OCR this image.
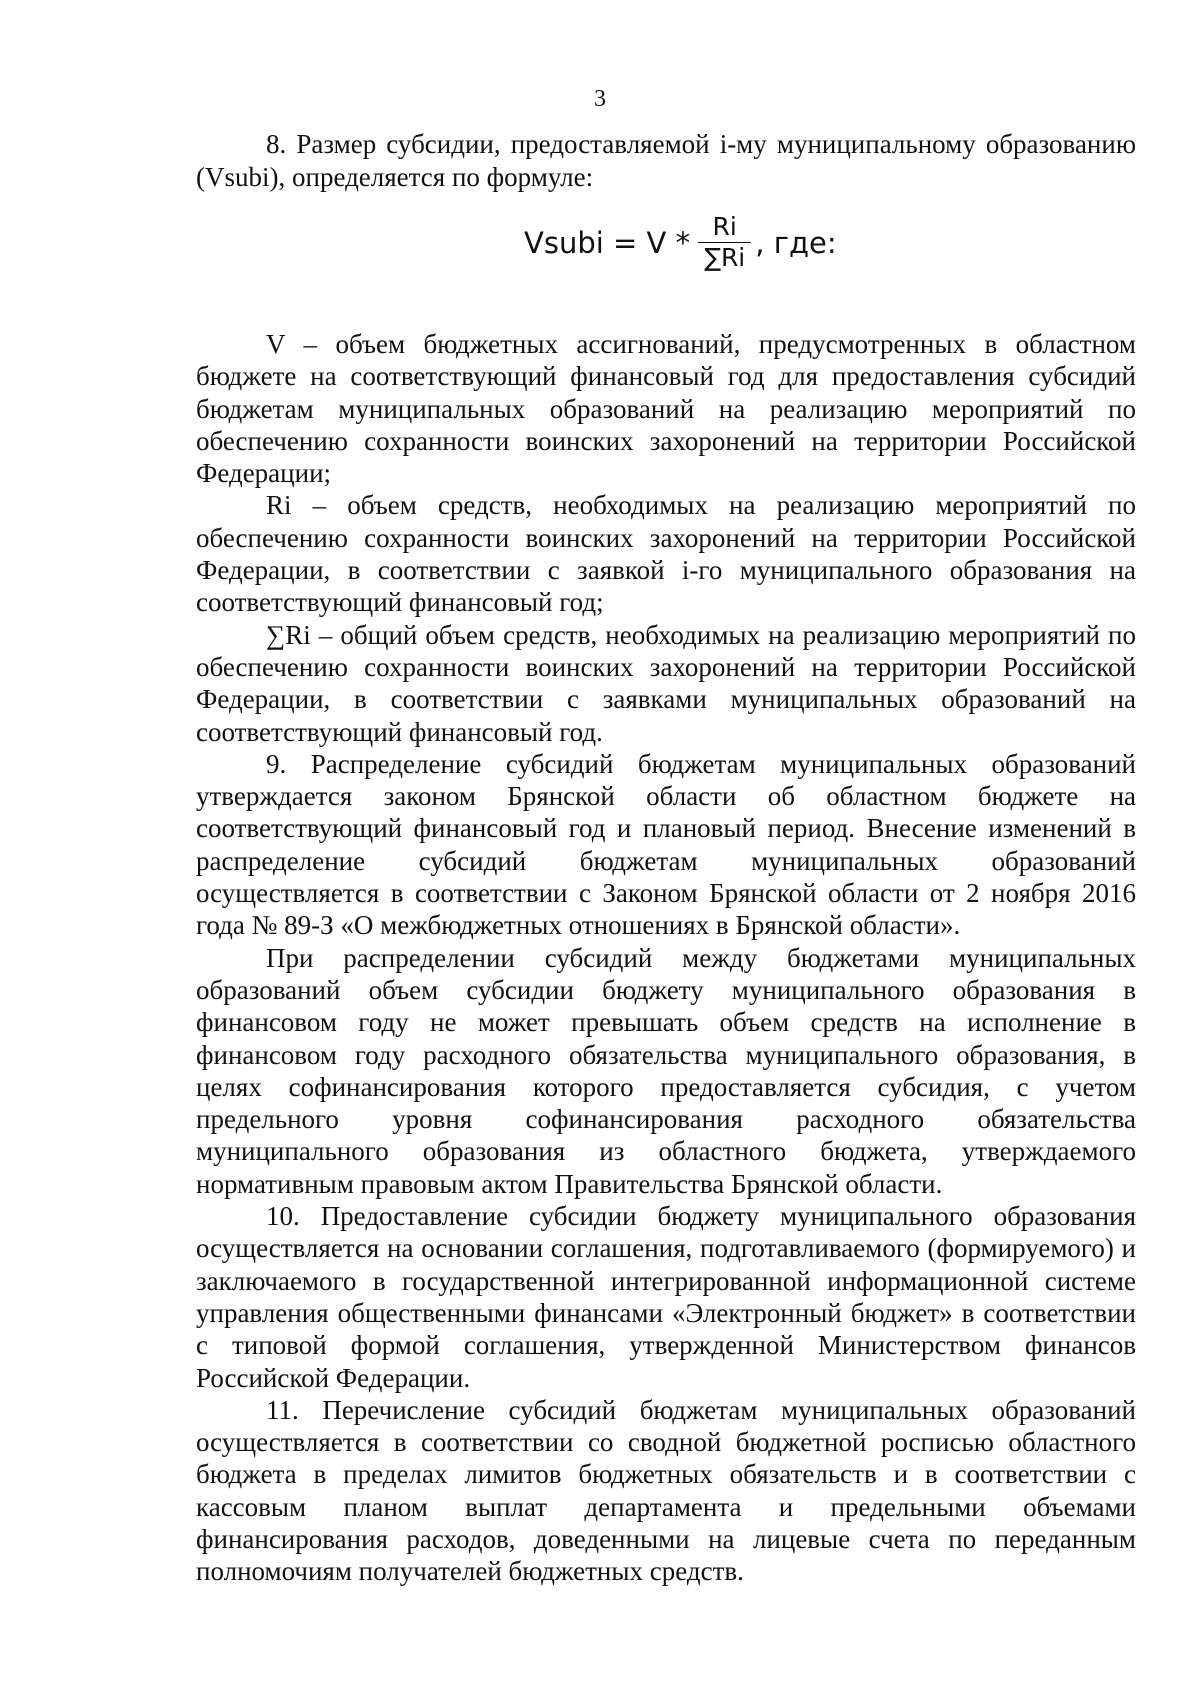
3

8. Размер субсидии, предоставляемой i-му муниципальному образованию (Vsubi), определяется по формуле:

Vsubi = V * $\frac{Ri}{\sum Ri}$ , где:

V – объем бюджетных ассигнований, предусмотренных в областном бюджете на соответствующий финансовый год для предоставления субсидий бюджетам муниципальных образований на реализацию мероприятий по обеспечению сохранности воинских захоронений на территории Российской Федерации;

Ri – объем средств, необходимых на реализацию мероприятий по обеспечению сохранности воинских захоронений на территории Российской Федерации, в соответствии с заявкой i-го муниципального образования на соответствующий финансовый год;

∑Ri – общий объем средств, необходимых на реализацию мероприятий по обеспечению сохранности воинских захоронений на территории Российской Федерации, в соответствии с заявками муниципальных образований на соответствующий финансовый год.

9. Распределение субсидий бюджетам муниципальных образований утверждается законом Брянской области об областном бюджете на соответствующий финансовый год и плановый период. Внесение изменений в распределение субсидий бюджетам муниципальных образований осуществляется в соответствии с Законом Брянской области от 2 ноября 2016 года № 89-З «О межбюджетных отношениях в Брянской области».

При распределении субсидий между бюджетами муниципальных образований объем субсидии бюджету муниципального образования в финансовом году не может превышать объем средств на исполнение в финансовом году расходного обязательства муниципального образования, в целях софинансирования которого предоставляется субсидия, с учетом предельного уровня софинансирования расходного обязательства муниципального образования из областного бюджета, утверждаемого нормативным правовым актом Правительства Брянской области.

10. Предоставление субсидии бюджету муниципального образования осуществляется на основании соглашения, подготавливаемого (формируемого) и заключаемого в государственной интегрированной информационной системе управления общественными финансами «Электронный бюджет» в соответствии с типовой формой соглашения, утвержденной Министерством финансов Российской Федерации.

11. Перечисление субсидий бюджетам муниципальных образований осуществляется в соответствии со сводной бюджетной росписью областного бюджета в пределах лимитов бюджетных обязательств и в соответствии с кассовым планом выплат департамента и предельными объемами финансирования расходов, доведенными на лицевые счета по переданным полномочиям получателей бюджетных средств.
